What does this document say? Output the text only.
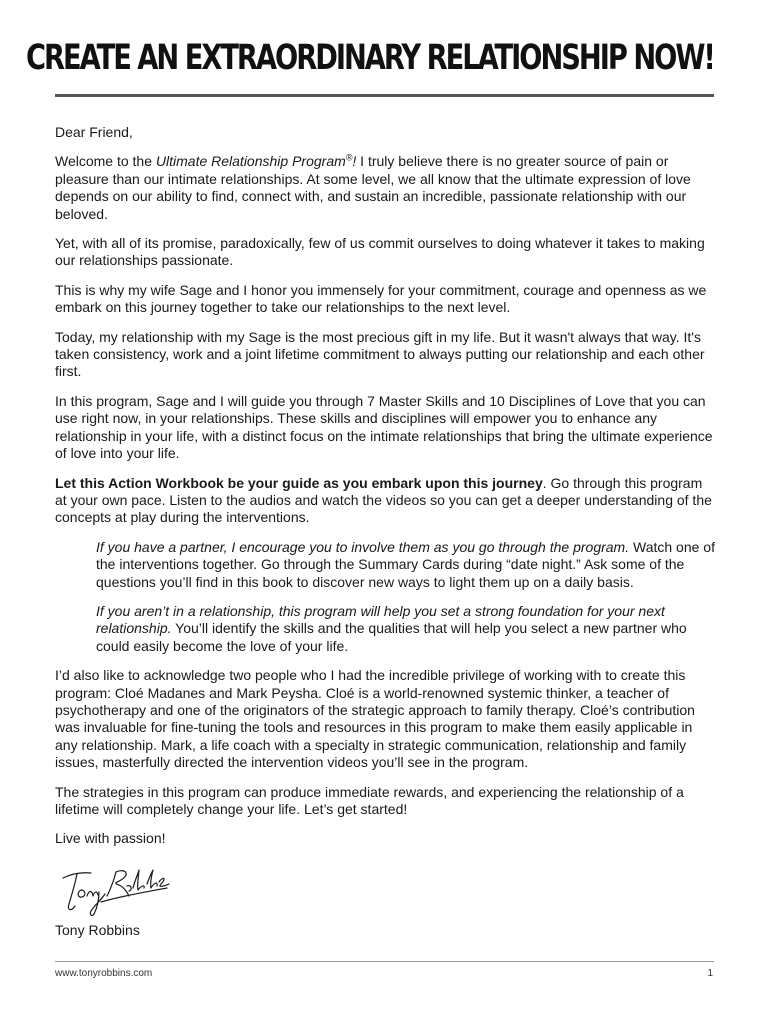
CREATE AN EXTRAORDINARY RELATIONSHIP NOW!

Dear Friend,

Welcome to the Ultimate Relationship Program®! I truly believe there is no greater source of pain or pleasure than our intimate relationships. At some level, we all know that the ultimate expression of love depends on our ability to find, connect with, and sustain an incredible, passionate relationship with our beloved.

Yet, with all of its promise, paradoxically, few of us commit ourselves to doing whatever it takes to making our relationships passionate.

This is why my wife Sage and I honor you immensely for your commitment, courage and openness as we embark on this journey together to take our relationships to the next level.

Today, my relationship with my Sage is the most precious gift in my life. But it wasn't always that way. It's taken consistency, work and a joint lifetime commitment to always putting our relationship and each other first.

In this program, Sage and I will guide you through 7 Master Skills and 10 Disciplines of Love that you can use right now, in your relationships. These skills and disciplines will empower you to enhance any relationship in your life, with a distinct focus on the intimate relationships that bring the ultimate experience of love into your life.

Let this Action Workbook be your guide as you embark upon this journey. Go through this program at your own pace. Listen to the audios and watch the videos so you can get a deeper understanding of the concepts at play during the interventions.

If you have a partner, I encourage you to involve them as you go through the program. Watch one of the interventions together. Go through the Summary Cards during “date night.” Ask some of the questions you’ll find in this book to discover new ways to light them up on a daily basis.

If you aren’t in a relationship, this program will help you set a strong foundation for your next relationship. You’ll identify the skills and the qualities that will help you select a new partner who could easily become the love of your life.

I’d also like to acknowledge two people who I had the incredible privilege of working with to create this program: Cloé Madanes and Mark Peysha. Cloé is a world-renowned systemic thinker, a teacher of psychotherapy and one of the originators of the strategic approach to family therapy. Cloé’s contribution was invaluable for fine-tuning the tools and resources in this program to make them easily applicable in any relationship. Mark, a life coach with a specialty in strategic communication, relationship and family issues, masterfully directed the intervention videos you’ll see in the program.

The strategies in this program can produce immediate rewards, and experiencing the relationship of a lifetime will completely change your life. Let’s get started!

Live with passion!

Tony Robbins

www.tonyrobbins.com	1
